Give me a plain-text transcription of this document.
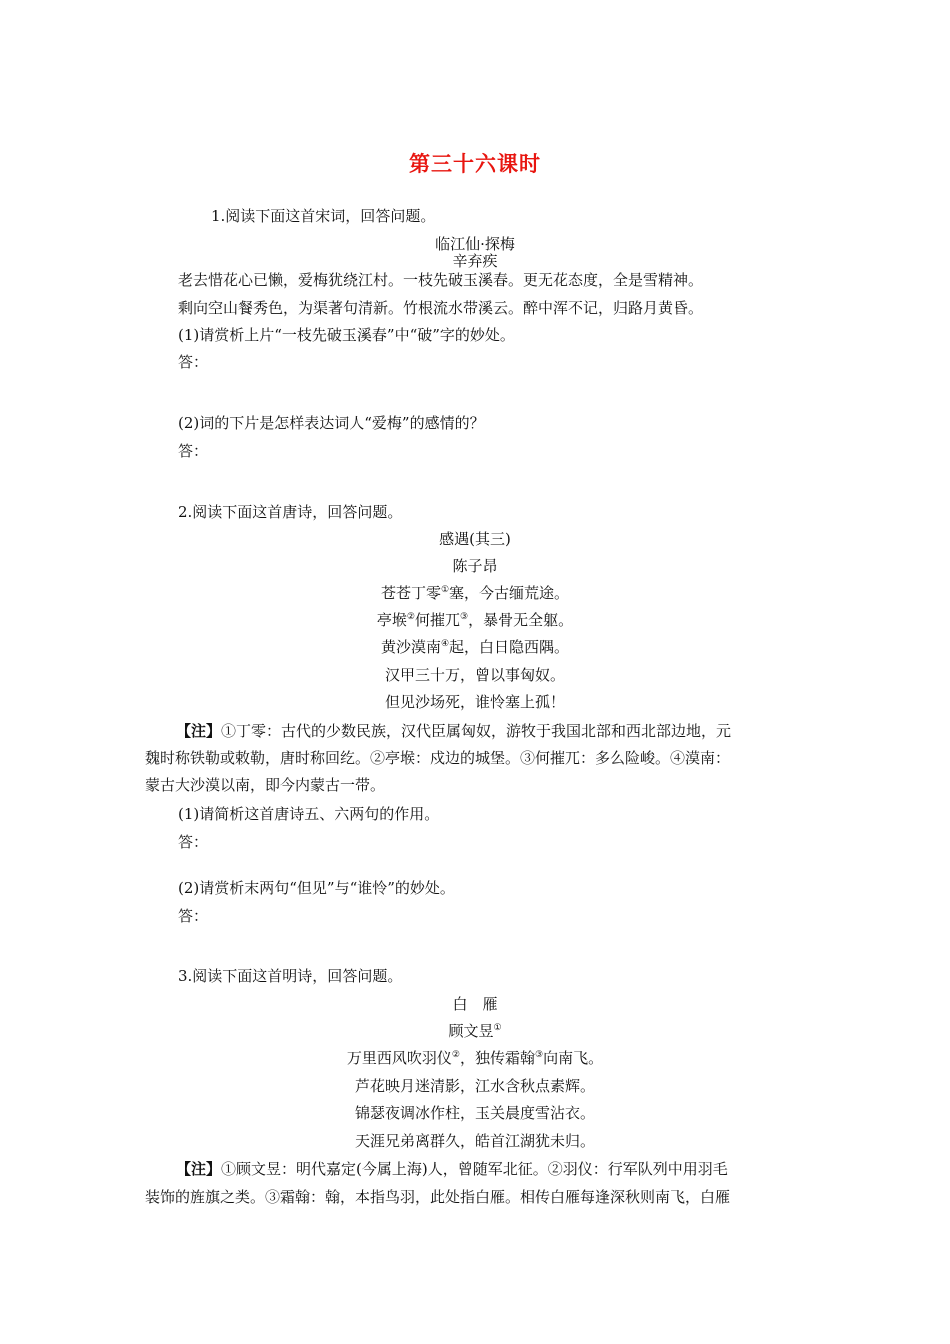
第三十六课时
1.阅读下面这首宋词，回答问题。
临江仙·探梅
辛弃疾
老去惜花心已懒，爱梅犹绕江村。一枝先破玉溪春。更无花态度，全是雪精神。
剩向空山餐秀色，为渠著句清新。竹根流水带溪云。醉中浑不记，归路月黄昏。
(1)请赏析上片“一枝先破玉溪春”中“破”字的妙处。
答：
(2)词的下片是怎样表达词人“爱梅”的感情的？
答：
2.阅读下面这首唐诗，回答问题。
感遇(其三)
陈子昂
苍苍丁零①塞，今古缅荒途。
亭堠②何摧兀③，暴骨无全躯。
黄沙漠南④起，白日隐西隅。
汉甲三十万，曾以事匈奴。
但见沙场死，谁怜塞上孤！
【注】①丁零：古代的少数民族，汉代臣属匈奴，游牧于我国北部和西北部边地，元
魏时称铁勒或敕勒，唐时称回纥。②亭堠：戍边的城堡。③何摧兀：多么险峻。④漠南：
蒙古大沙漠以南，即今内蒙古一带。
(1)请简析这首唐诗五、六两句的作用。
答：
(2)请赏析末两句“但见”与“谁怜”的妙处。
答：
3.阅读下面这首明诗，回答问题。
白　雁
顾文昱①
万里西风吹羽仪②，独传霜翰③向南飞。
芦花映月迷清影，江水含秋点素辉。
锦瑟夜调冰作柱，玉关晨度雪沾衣。
天涯兄弟离群久，皓首江湖犹未归。
【注】①顾文昱：明代嘉定(今属上海)人，曾随军北征。②羽仪：行军队列中用羽毛
装饰的旌旗之类。③霜翰：翰，本指鸟羽，此处指白雁。相传白雁每逢深秋则南飞，白雁
